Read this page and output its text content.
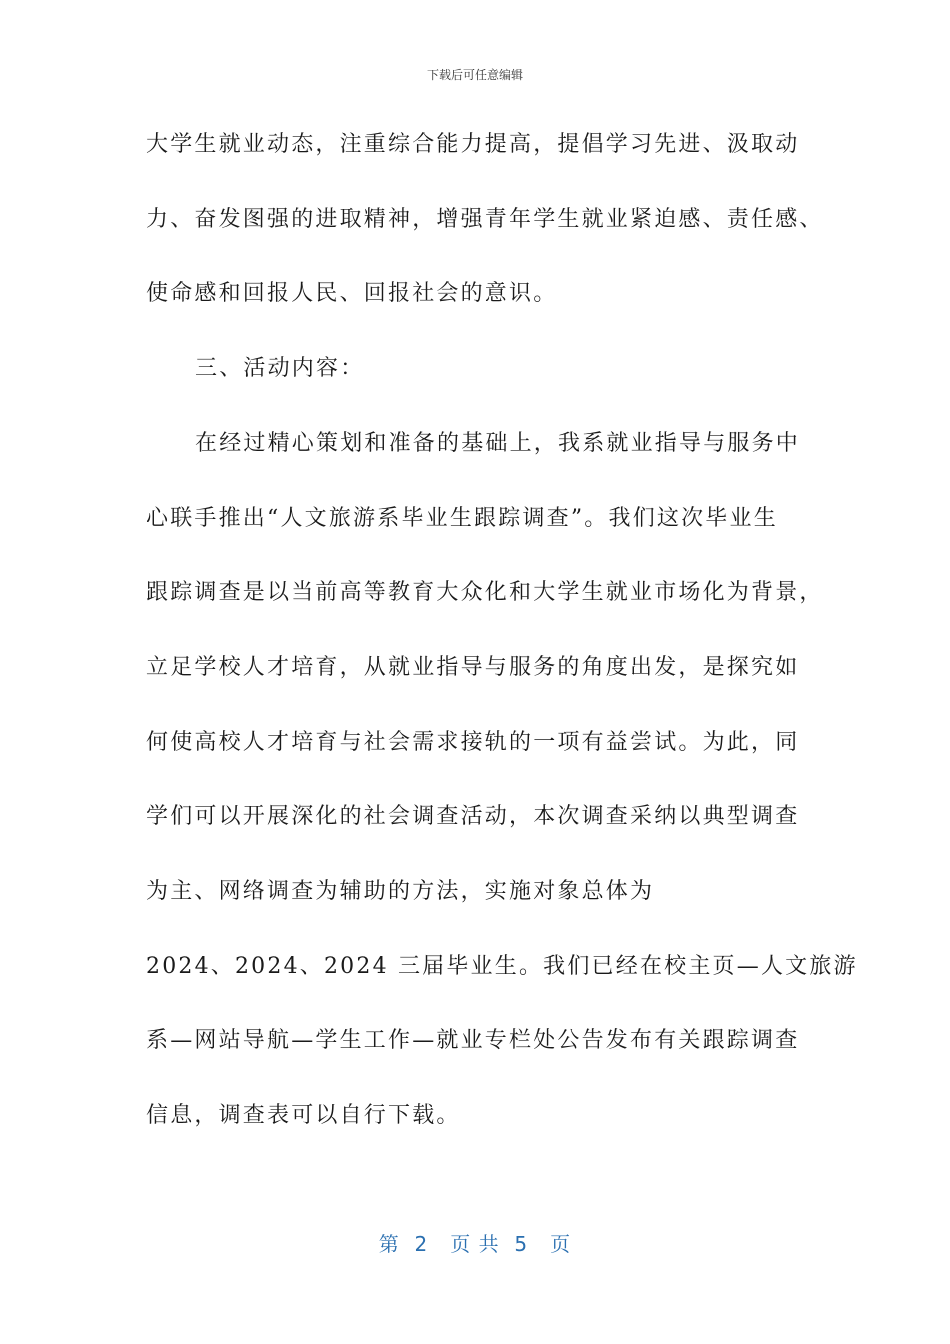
下载后可任意编辑
大学生就业动态，注重综合能力提高，提倡学习先进、汲取动
力、奋发图强的进取精神，增强青年学生就业紧迫感、责任感、
使命感和回报人民、回报社会的意识。
三、活动内容：
在经过精心策划和准备的基础上，我系就业指导与服务中
心联手推出“人文旅游系毕业生跟踪调查”。我们这次毕业生
跟踪调查是以当前高等教育大众化和大学生就业市场化为背景，
立足学校人才培育，从就业指导与服务的角度出发，是探究如
何使高校人才培育与社会需求接轨的一项有益尝试。为此，同
学们可以开展深化的社会调查活动，本次调查采纳以典型调查
为主、网络调查为辅助的方法，实施对象总体为
2024、2024、2024 三届毕业生。我们已经在校主页—人文旅游
系—网站导航—学生工作—就业专栏处公告发布有关跟踪调查
信息，调查表可以自行下载。
第  2   页 共  5   页
